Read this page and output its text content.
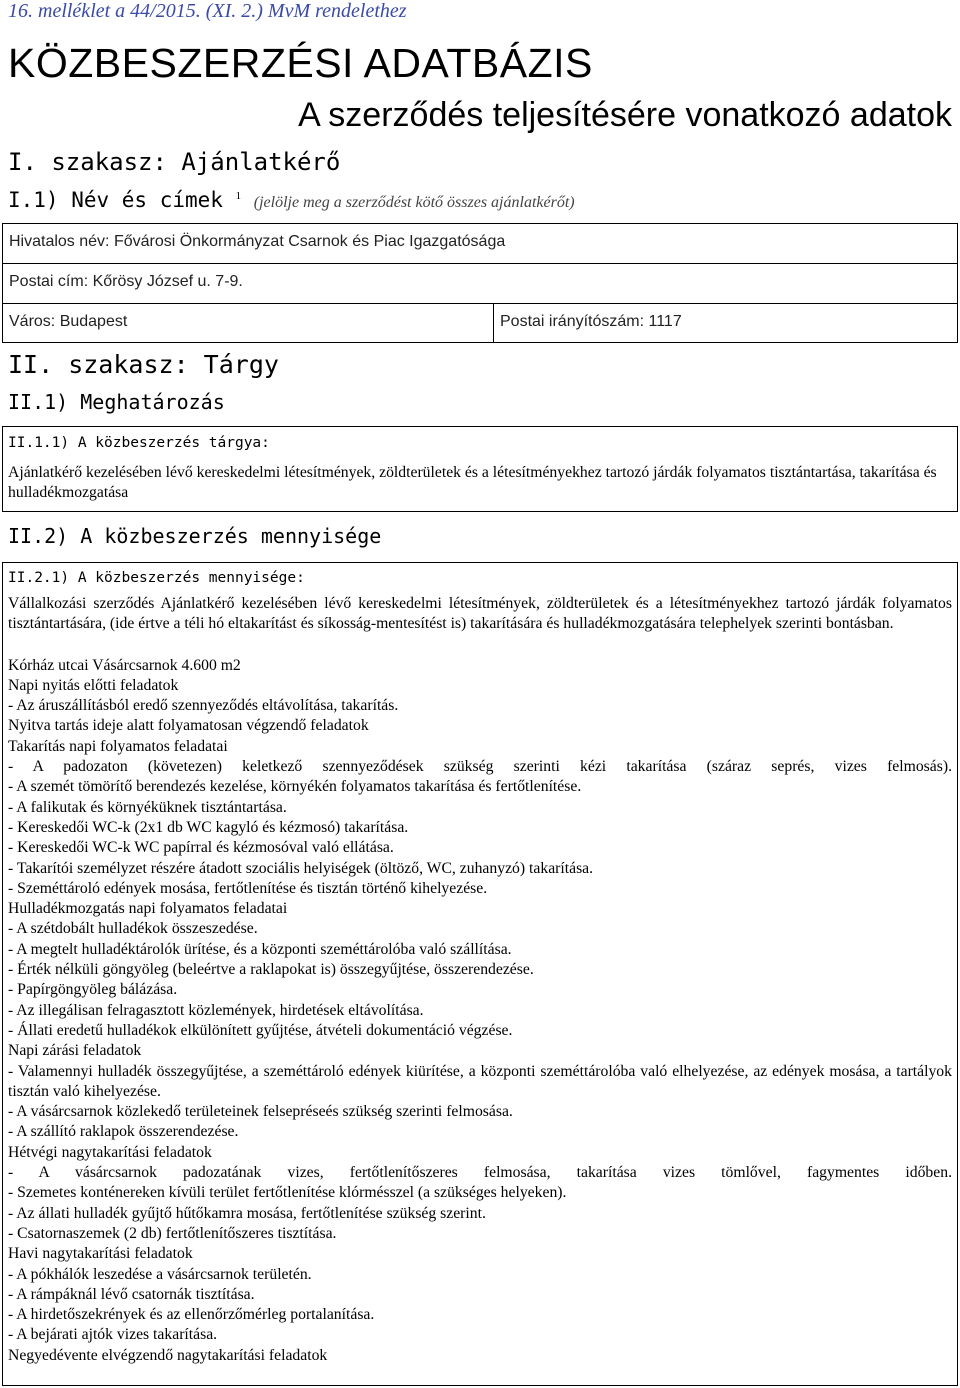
16. melléklet a 44/2015. (XI. 2.) MvM rendelethez
KÖZBESZERZÉSI ADATBÁZIS
A szerződés teljesítésére vonatkozó adatok
I. szakasz: Ajánlatkérő
I.1) Név és címek $^1$ (jelölje meg a szerződést kötő összes ajánlatkérőt)
Hivatalos név: Fővárosi Önkormányzat Csarnok és Piac Igazgatósága
Postai cím: Kőrösy József u. 7-9.
Város: Budapest	Postai irányítószám: 1117
II. szakasz: Tárgy
II.1) Meghatározás
II.1.1) A közbeszerzés tárgya:
Ajánlatkérő kezelésében lévő kereskedelmi létesítmények, zöldterületek és a létesítményekhez tartozó járdák folyamatos tisztántartása, takarítása és hulladékmozgatása
II.2) A közbeszerzés mennyisége
II.2.1) A közbeszerzés mennyisége:
Vállalkozási szerződés Ajánlatkérő kezelésében lévő kereskedelmi létesítmények, zöldterületek és a létesítményekhez tartozó járdák folyamatos tisztántartására, (ide értve a téli hó eltakarítást és síkosság-mentesítést is) takarítására és hulladékmozgatására telephelyek szerinti bontásban.
Kórház utcai Vásárcsarnok 4.600 m2
Napi nyitás előtti feladatok
- Az áruszállításból eredő szennyeződés eltávolítása, takarítás.
Nyitva tartás ideje alatt folyamatosan végzendő feladatok
Takarítás napi folyamatos feladatai
- A padozaton (követezen) keletkező szennyeződések szükség szerinti kézi takarítása (száraz seprés, vizes felmosás).
- A szemét tömörítő berendezés kezelése, környékén folyamatos takarítása és fertőtlenítése.
- A falikutak és környéküknek tisztántartása.
- Kereskedői WC-k (2x1 db WC kagyló és kézmosó) takarítása.
- Kereskedői WC-k WC papírral és kézmosóval való ellátása.
- Takarítói személyzet részére átadott szociális helyiségek (öltöző, WC, zuhanyzó) takarítása.
- Szeméttároló edények mosása, fertőtlenítése és tisztán történő kihelyezése.
Hulladékmozgatás napi folyamatos feladatai
- A szétdobált hulladékok összeszedése.
- A megtelt hulladéktárolók ürítése, és a központi szeméttárolóba való szállítása.
- Érték nélküli göngyöleg (beleértve a raklapokat is) összegyűjtése, összerendezése.
- Papírgöngyöleg bálázása.
- Az illegálisan felragasztott közlemények, hirdetések eltávolítása.
- Állati eredetű hulladékok elkülönített gyűjtése, átvételi dokumentáció végzése.
Napi zárási feladatok
- Valamennyi hulladék összegyűjtése, a szeméttároló edények kiürítése, a központi szeméttárolóba való elhelyezése, az edények mosása, a tartályok tisztán való kihelyezése.
- A vásárcsarnok közlekedő területeinek felsepréseés szükség szerinti felmosása.
- A szállító raklapok összerendezése.
Hétvégi nagytakarítási feladatok
- A vásárcsarnok padozatának vizes, fertőtlenítőszeres felmosása, takarítása vizes tömlővel, fagymentes időben.
- Szemetes konténereken kívüli terület fertőtlenítése klórmésszel (a szükséges helyeken).
- Az állati hulladék gyűjtő hűtőkamra mosása, fertőtlenítése szükség szerint.
- Csatornaszemek (2 db) fertőtlenítőszeres tisztítása.
Havi nagytakarítási feladatok
- A pókhálók leszedése a vásárcsarnok területén.
- A rámpáknál lévő csatornák tisztítása.
- A hirdetőszekrények és az ellenőrzőmérleg portalanítása.
- A bejárati ajtók vizes takarítása.
Negyedévente elvégzendő nagytakarítási feladatok
